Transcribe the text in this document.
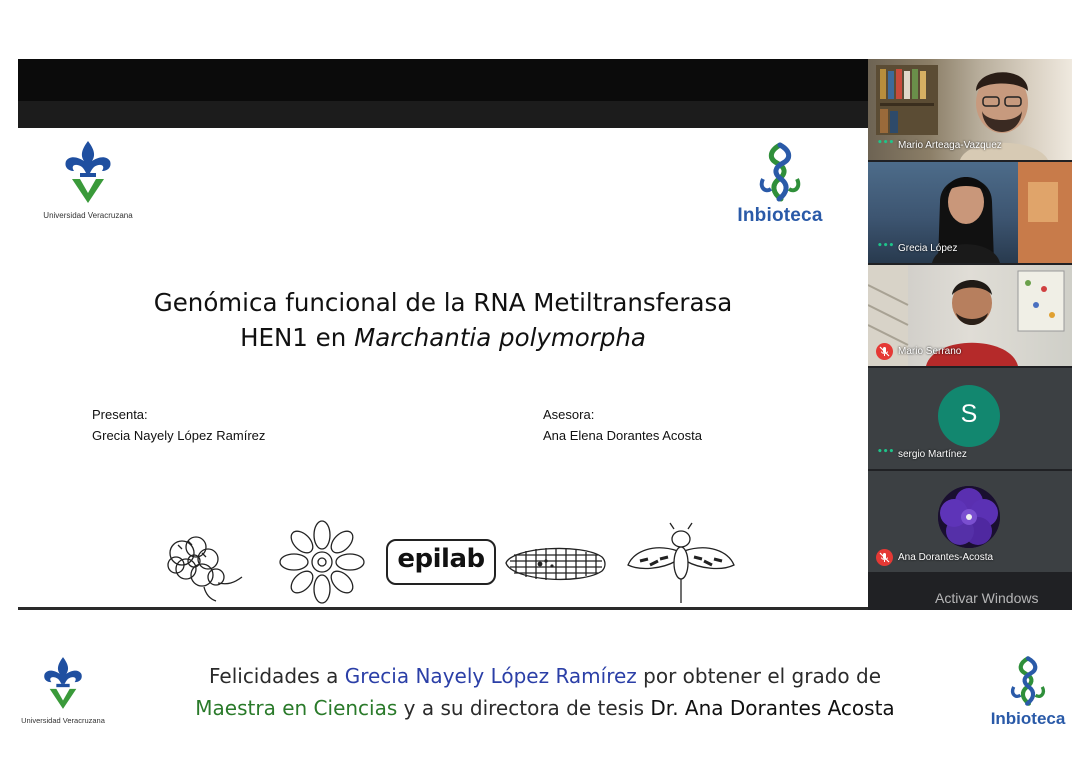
Universidad Veracruzana	Inbioteca
Genómica funcional de la RNA Metiltransferasa
HEN1 en Marchantia polymorpha
Presenta:
Grecia Nayely López Ramírez
Asesora:
Ana Elena Dorantes Acosta
epilab
••• Mario Arteaga-Vazquez
••• Grecia López
Mario Serrano
S
••• sergio Martínez
Ana Dorantes-Acosta
Activar Windows
Universidad Veracruzana
Felicidades a Grecia Nayely López Ramírez por obtener el grado de
Maestra en Ciencias y a su directora de tesis Dr. Ana Dorantes Acosta	Inbioteca
